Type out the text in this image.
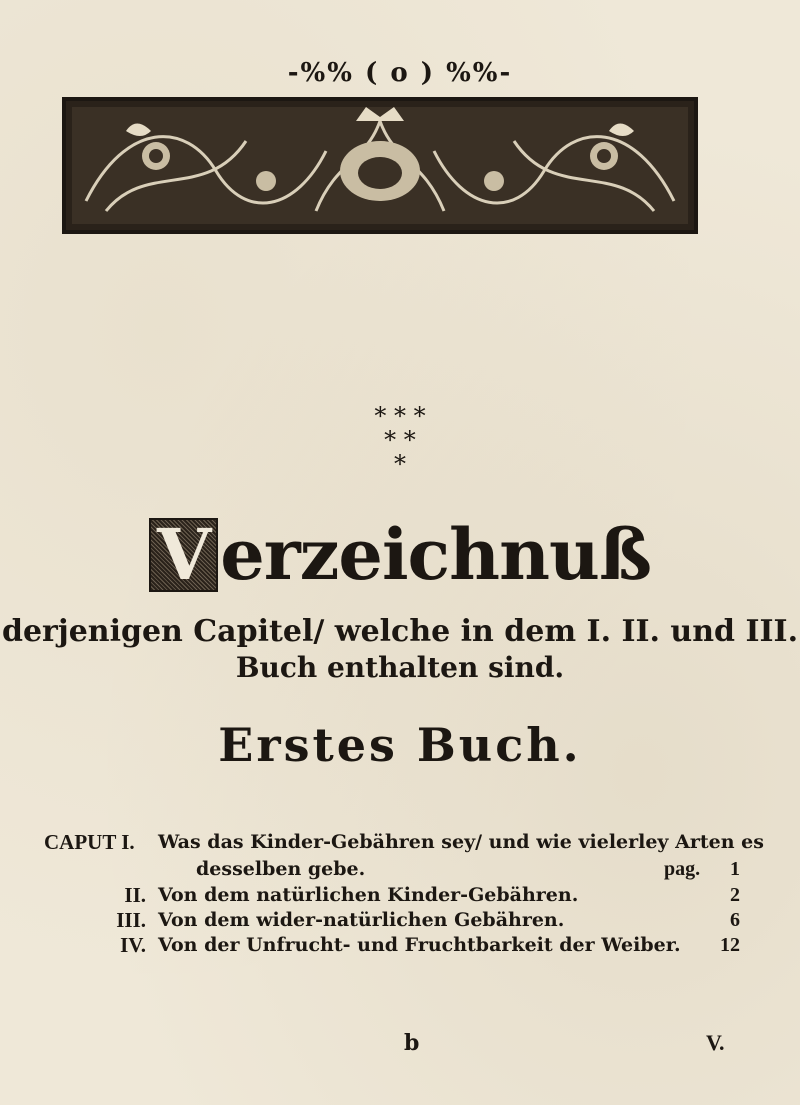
-%% ( o ) %%-
* * *
* *
*
V erzeichnuß
derjenigen Capitel/ welche in dem I. II. und III.
Buch enthalten sind.
Erstes Buch.
CAPUT I.	Was das Kinder-Gebähren sey/ und wie vielerley Arten es
desselben gebe.	pag. 1
II. Von dem natürlichen Kinder-Gebähren.	2
III. Von dem wider-natürlichen Gebähren.	6
IV. Von der Unfrucht- und Fruchtbarkeit der Weiber. 12
b	V.
